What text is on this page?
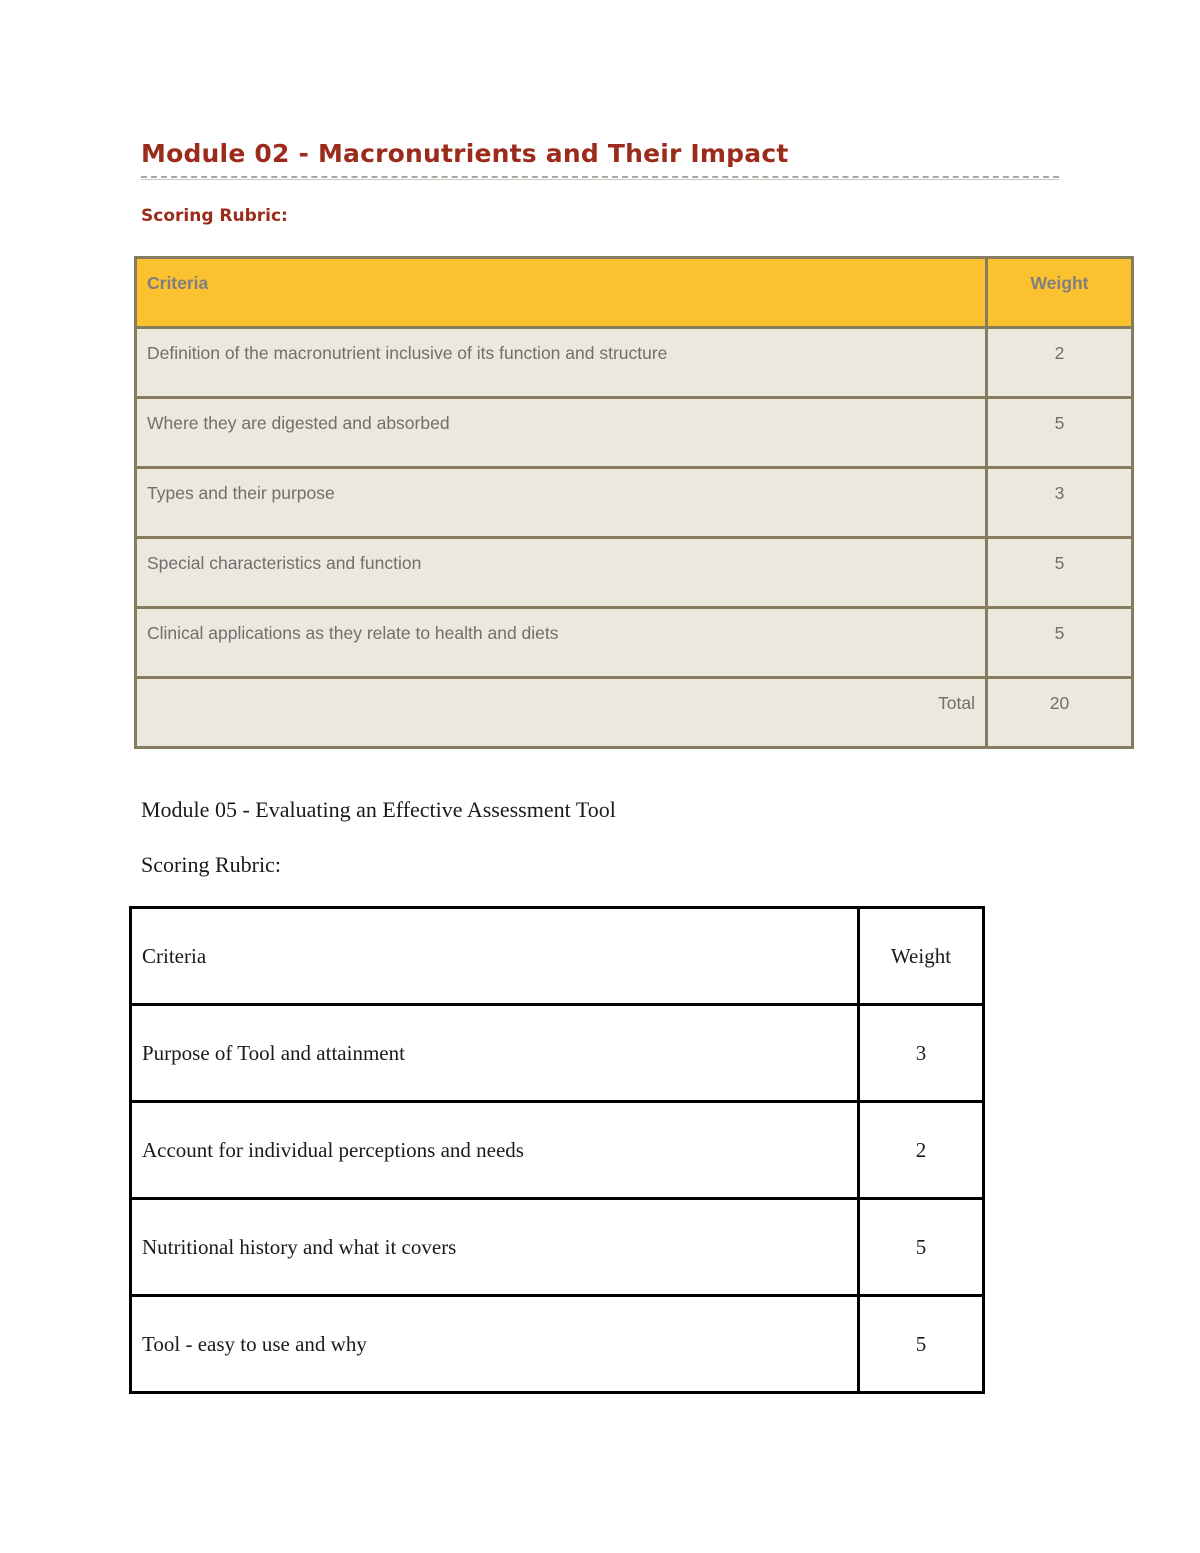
Module 02 - Macronutrients and Their Impact
Scoring Rubric:
Criteria	Weight

Definition of the macronutrient inclusive of its function and structure	2

Where they are digested and absorbed	5

Types and their purpose	3

Special characteristics and function	5

Clinical applications as they relate to health and diets	5

Total	20
Module 05 - Evaluating an Effective Assessment Tool
Scoring Rubric:
Criteria	Weight
Purpose of Tool and attainment	3
Account for individual perceptions and needs	2
Nutritional history and what it covers	5
Tool - easy to use and why	5
